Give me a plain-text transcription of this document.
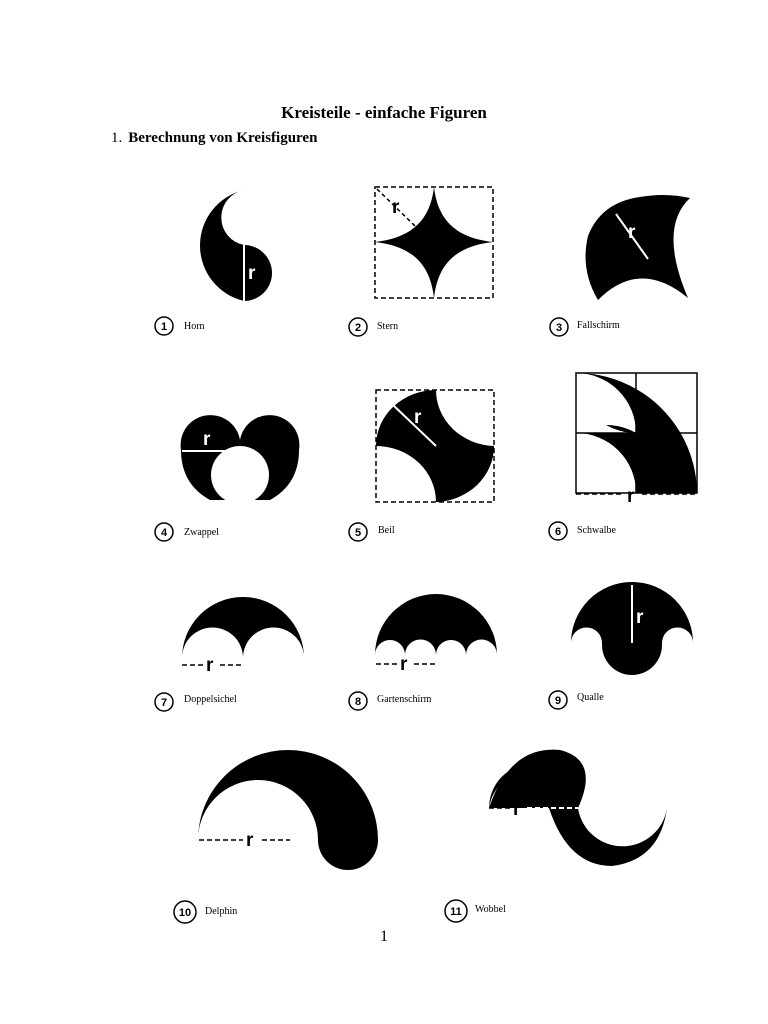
Kreisteile - einfache Figuren
1. Berechnung von Kreisfiguren
r
r
r
r
r
r
r	r
r
r
r
1 Horn	2 Stern	3 Fallschirm
4 Zwappel	5 Beil	6 Schwalbe
7 Doppelsichel	8 Gartenschirm	9 Qualle
10 Delphin	11 Wobbel
1
